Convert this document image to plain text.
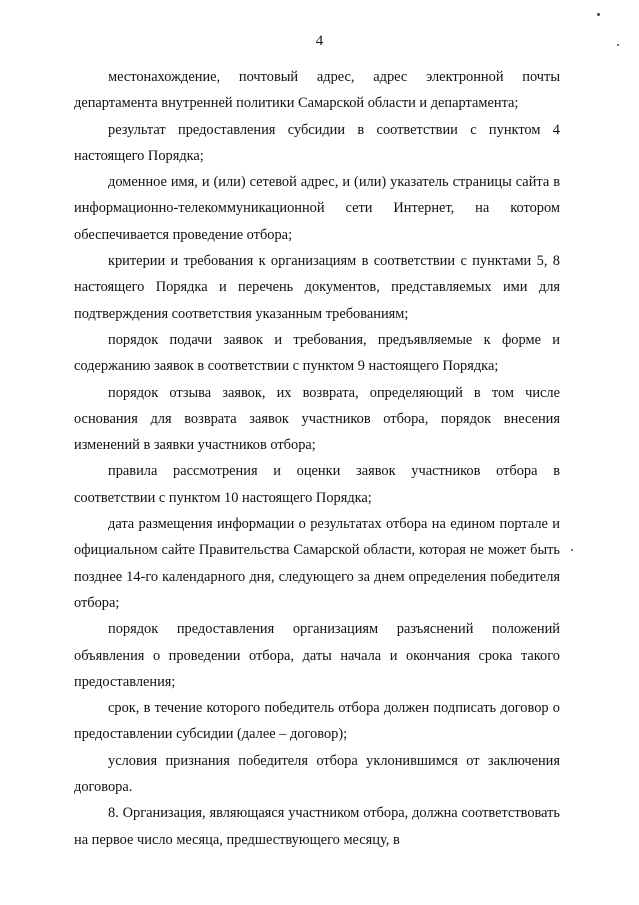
4

местонахождение, почтовый адрес, адрес электронной почты департамента внутренней политики Самарской области и департамента;

результат предоставления субсидии в соответствии с пунктом 4 настоящего Порядка;

доменное имя, и (или) сетевой адрес, и (или) указатель страницы сайта в информационно-телекоммуникационной сети Интернет, на котором обеспечивается проведение отбора;

критерии и требования к организациям в соответствии с пунктами 5, 8 настоящего Порядка и перечень документов, представляемых ими для подтверждения соответствия указанным требованиям;

порядок подачи заявок и требования, предъявляемые к форме и содержанию заявок в соответствии с пунктом 9 настоящего Порядка;

порядок отзыва заявок, их возврата, определяющий в том числе основания для возврата заявок участников отбора, порядок внесения изменений в заявки участников отбора;

правила рассмотрения и оценки заявок участников отбора в соответствии с пунктом 10 настоящего Порядка;

дата размещения информации о результатах отбора на едином портале и официальном сайте Правительства Самарской области, которая не может быть позднее 14-го календарного дня, следующего за днем определения победителя отбора;

порядок предоставления организациям разъяснений положений объявления о проведении отбора, даты начала и окончания срока такого предоставления;

срок, в течение которого победитель отбора должен подписать договор о предоставлении субсидии (далее – договор);

условия признания победителя отбора уклонившимся от заключения договора.

8. Организация, являющаяся участником отбора, должна соответствовать на первое число месяца, предшествующего месяцу, в
